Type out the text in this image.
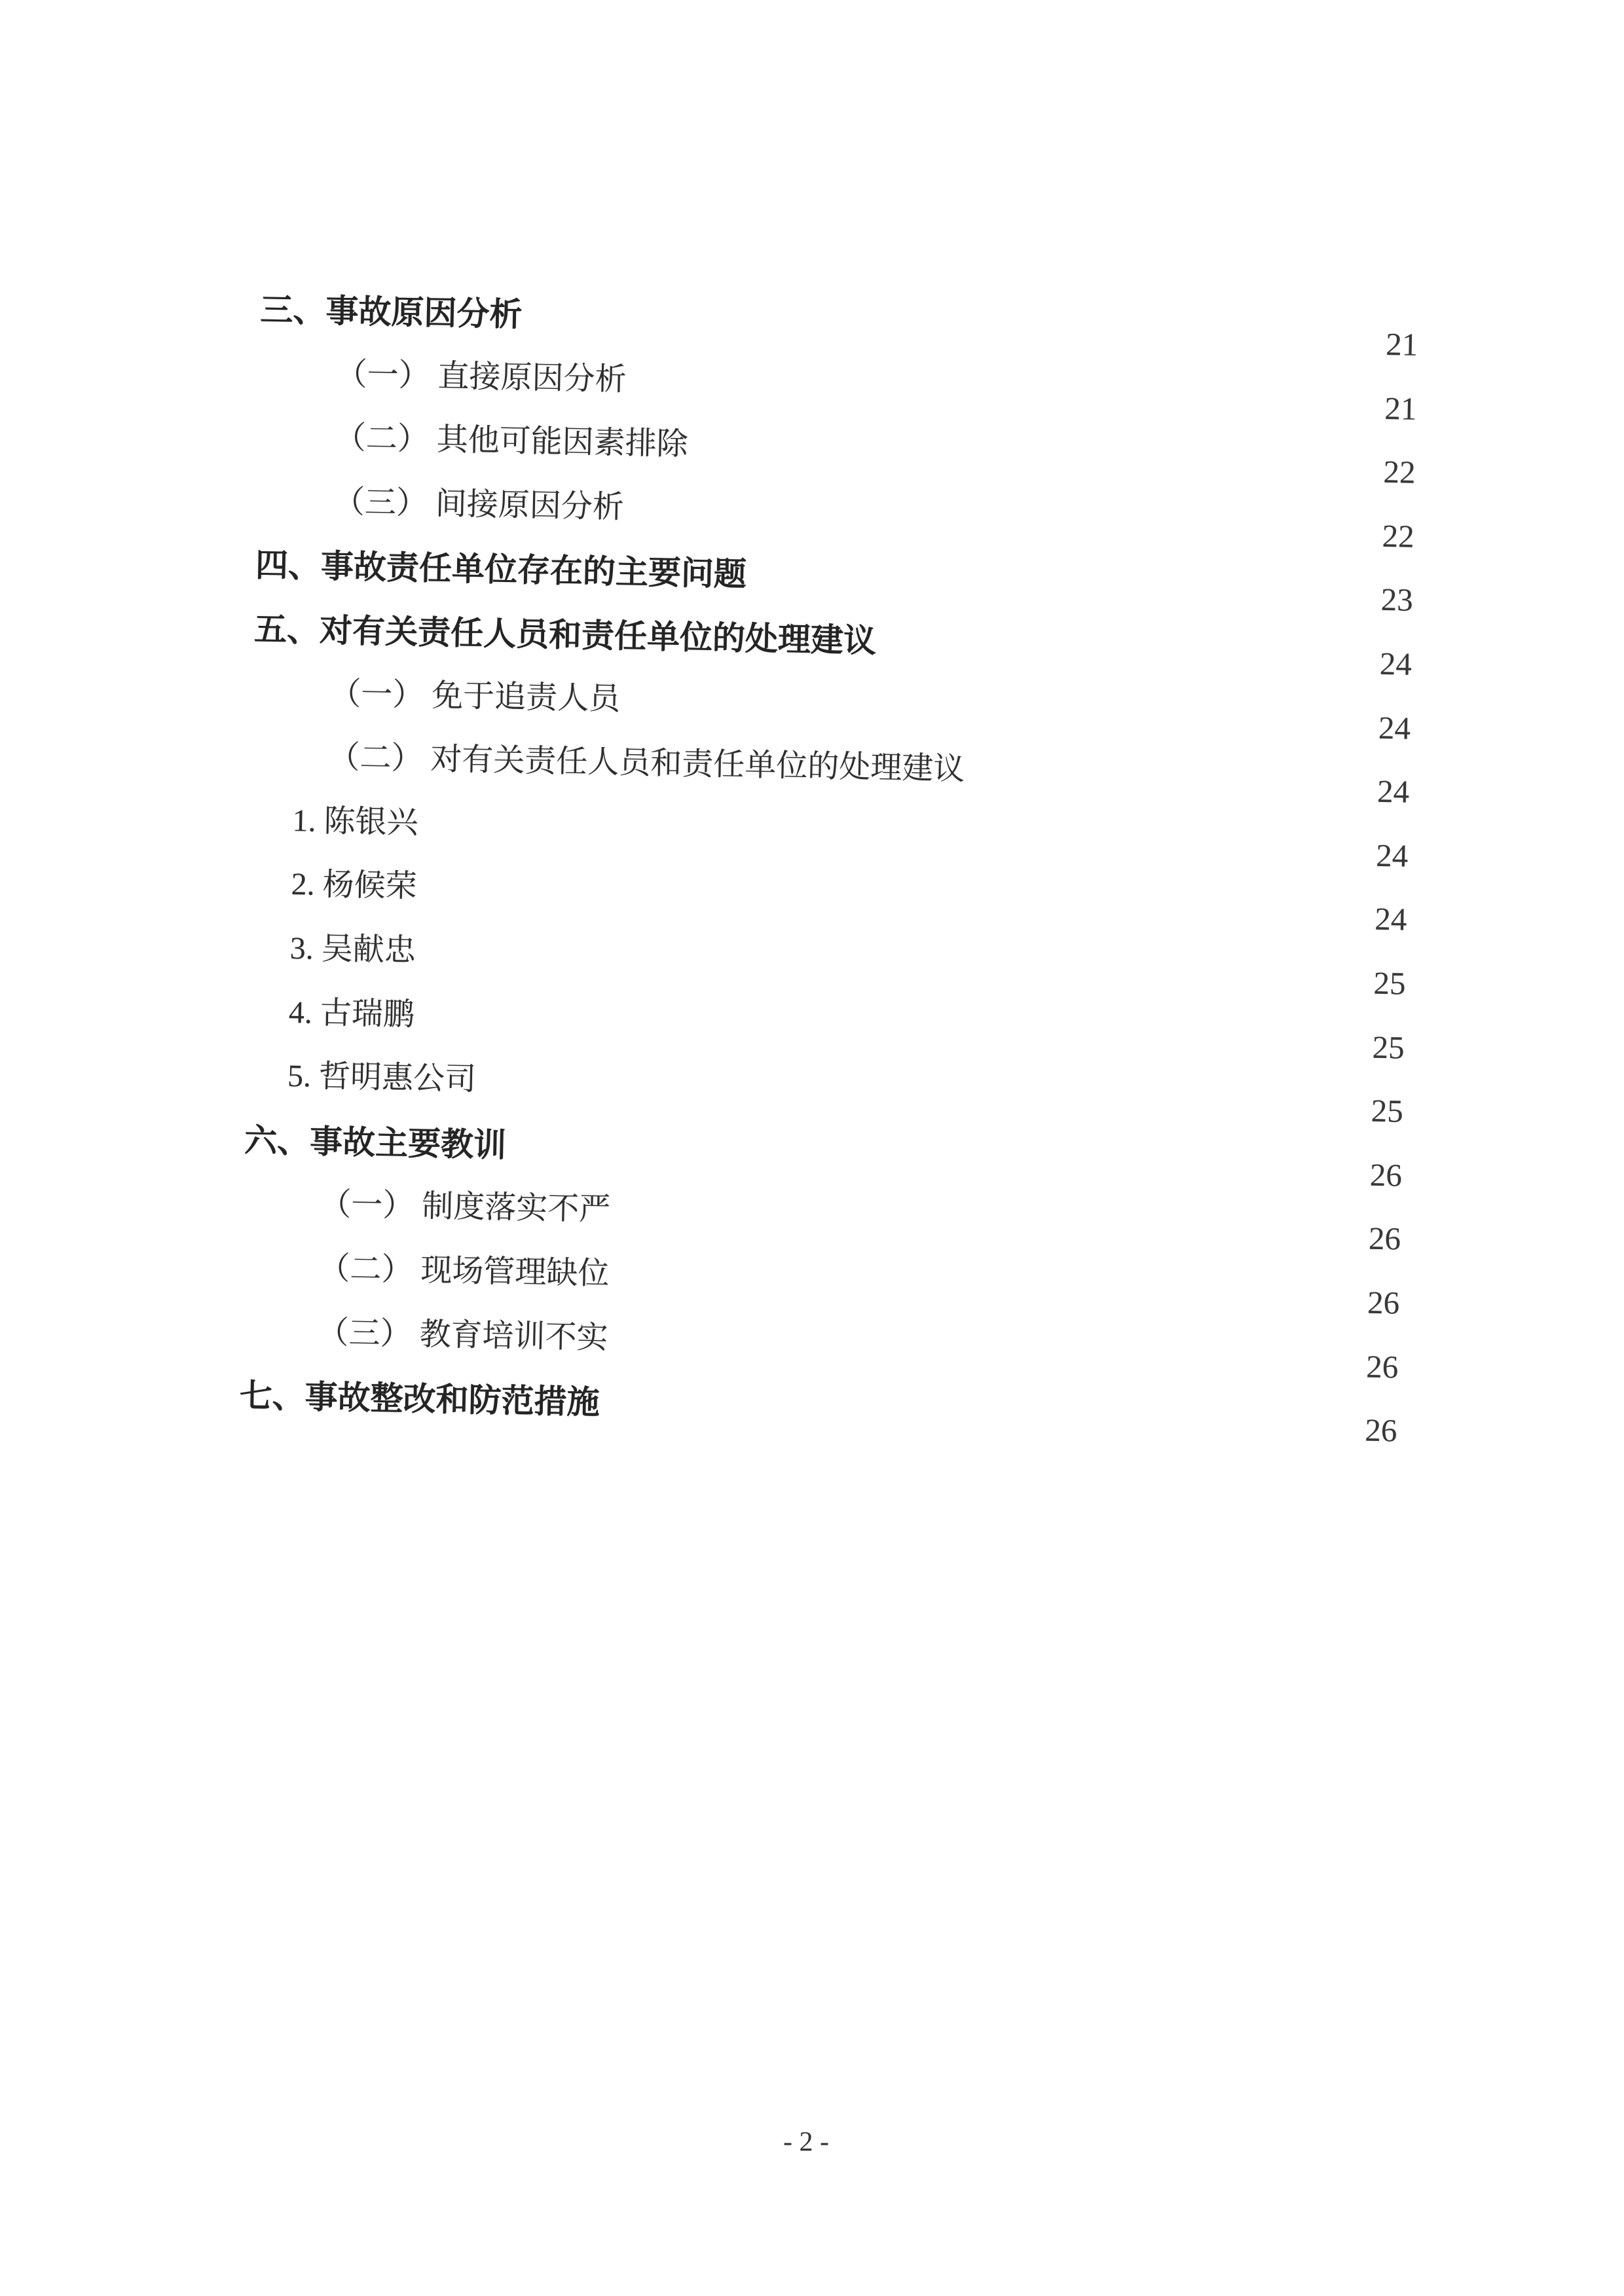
三、事故原因分析
21
（一） 直接原因分析
21
（二） 其他可能因素排除
22
（三） 间接原因分析
22
四、事故责任单位存在的主要问题
23
五、对有关责任人员和责任单位的处理建议
24
（一） 免于追责人员
24
（二） 对有关责任人员和责任单位的处理建议
24
1. 陈银兴
24
2. 杨候荣
24
3. 吴献忠
25
4. 古瑞鹏
25
5. 哲明惠公司
25
六、事故主要教训
26
（一） 制度落实不严
26
（二） 现场管理缺位
26
（三） 教育培训不实
26
七、事故整改和防范措施
26
- 2 -
